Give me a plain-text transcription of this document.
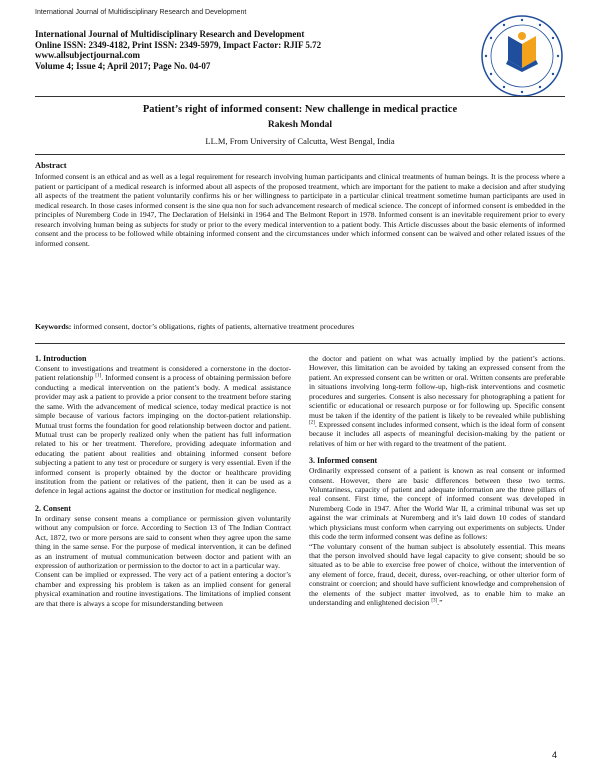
International Journal of Multidisciplinary Research and Development
International Journal of Multidisciplinary Research and Development
Online ISSN: 2349-4182, Print ISSN: 2349-5979, Impact Factor: RJIF 5.72
www.allsubjectjournal.com
Volume 4; Issue 4; April 2017; Page No. 04-07
Patient’s right of informed consent: New challenge in medical practice
Rakesh Mondal
LL.M, From University of Calcutta, West Bengal, India
Abstract
Informed consent is an ethical and as well as a legal requirement for research involving human participants and clinical treatments of human beings. It is the process where a patient or participant of a medical research is informed about all aspects of the proposed treatment, which are important for the patient to make a decision and after studying all aspects of the treatment the patient voluntarily confirms his or her willingness to participate in a particular clinical treatment sometime human participants are used in medical research. In those cases informed consent is the sine qua non for such advancement research of medical science. The concept of informed consent is embedded in the principles of Nuremberg Code in 1947, The Declaration of Helsinki in 1964 and The Belmont Report in 1978. Informed consent is an inevitable requirement prior to every research involving human being as subjects for study or prior to the every medical intervention to a patient body. This Article discusses about the basic elements of informed consent and the process to be followed while obtaining informed consent and the circumstances under which informed consent can be waived and other related issues of the informed consent.
Keywords: informed consent, doctor’s obligations, rights of patients, alternative treatment procedures
1. Introduction

Consent to investigations and treatment is considered a cornerstone in the doctor-patient relationship [1]. Informed consent is a process of obtaining permission before conducting a medical intervention on the patient’s body. A medical assistance provider may ask a patient to provide a prior consent to the treatment before staring the same. With the advancement of medical science, today medical practice is not simple because of various factors impinging on the doctor-patient relationship. Mutual trust forms the foundation for good relationship between doctor and patient. Mutual trust can be properly realized only when the patient has full information related to his or her treatment. Therefore, providing adequate information and educating the patient about realities and obtaining informed consent before subjecting a patient to any test or procedure or surgery is very essential. Even if the informed consent is properly obtained by the doctor or healthcare providing institution from the patient or relatives of the patient, then it can be used as a defence in legal actions against the doctor or institution for medical negligence.

2. Consent

In ordinary sense consent means a compliance or permission given voluntarily without any compulsion or force. According to Section 13 of The Indian Contract Act, 1872, two or more persons are said to consent when they agree upon the same thing in the same sense. For the purpose of medical intervention, it can be defined as an instrument of mutual communication between doctor and patient with an expression of authorization or permission to the doctor to act in a particular way.

Consent can be implied or expressed. The very act of a patient entering a doctor’s chamber and expressing his problem is taken as an implied consent for general physical examination and routine investigations. The limitations of implied consent are that there is always a scope for misunderstanding between

the doctor and patient on what was actually implied by the patient’s actions. However, this limitation can be avoided by taking an expressed consent from the patient. An expressed consent can be written or oral. Written consents are preferable in situations involving long-term follow-up, high-risk interventions and cosmetic procedures and surgeries. Consent is also necessary for photographing a patient for scientific or educational or research purpose or for following up. Specific consent must be taken if the identity of the patient is likely to be revealed while publishing [2]. Expressed consent includes informed consent, which is the ideal form of consent because it includes all aspects of meaningful decision-making by the patient or relatives of him or her with regard to the treatment of the patient.

3. Informed consent

Ordinarily expressed consent of a patient is known as real consent or informed consent. However, there are basic differences between these two terms. Voluntariness, capacity of patient and adequate information are the three pillars of real consent. First time, the concept of informed consent was developed in Nuremberg Code in 1947. After the World War II, a criminal tribunal was set up against the war criminals at Nuremberg and it’s laid down 10 codes of standard which physicians must conform when carrying out experiments on subjects. Under this code the term informed consent was define as follows:

“The voluntary consent of the human subject is absolutely essential. This means that the person involved should have legal capacity to give consent; should be so situated as to be able to exercise free power of choice, without the intervention of any element of force, fraud, deceit, duress, over-reaching, or other ulterior form of constraint or coercion; and should have sufficient knowledge and comprehension of the elements of the subject matter involved, as to enable him to make an understanding and enlightened decision [3].”

4
